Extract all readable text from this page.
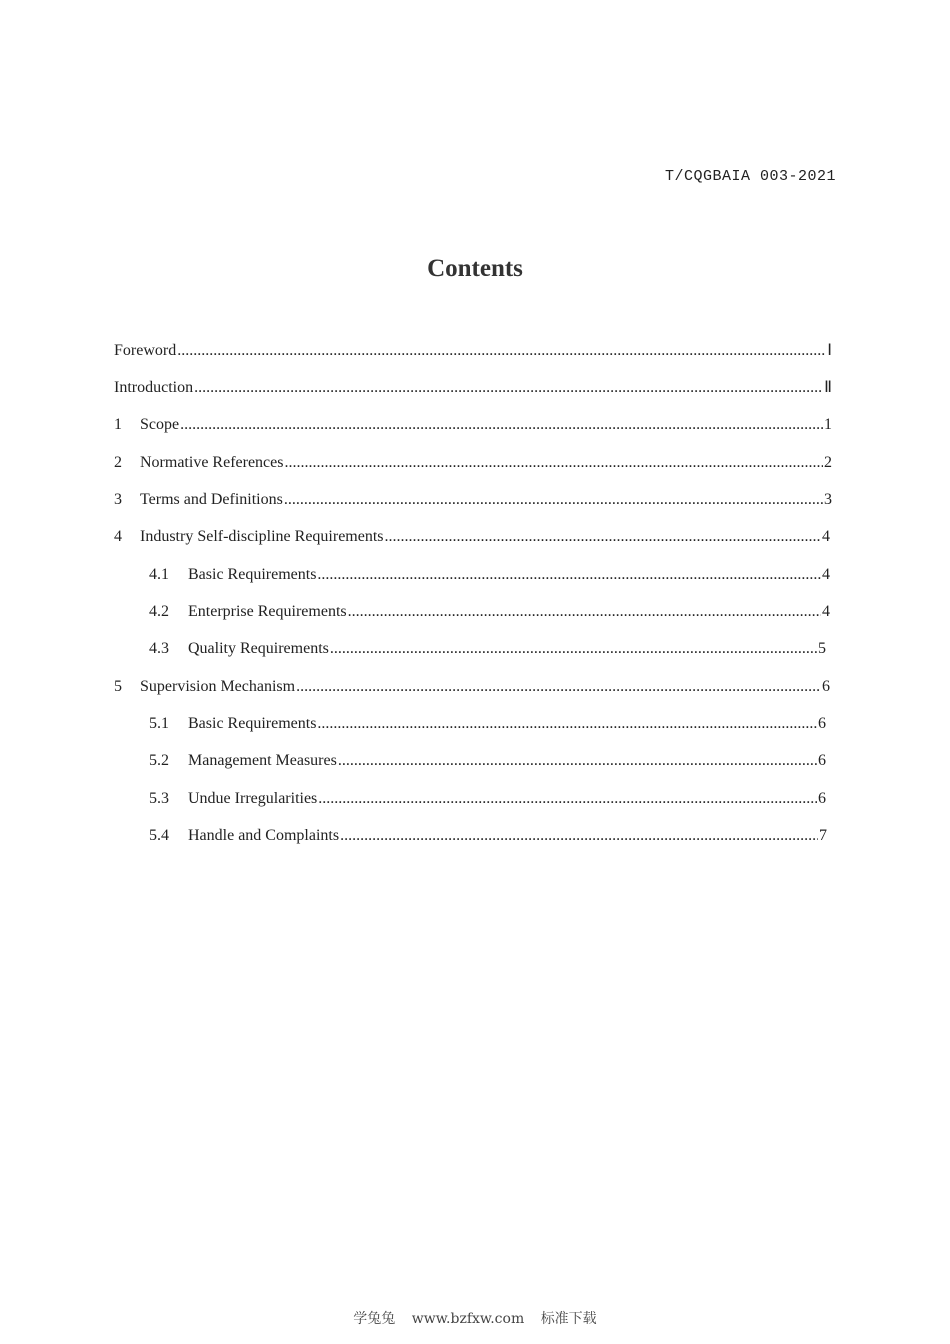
T/CQGBAIA 003-2021
Contents
Foreword .....	Ⅰ
Introduction .....	Ⅱ
1	Scope .....	1
2	Normative References .....	2
3	Terms and Definitions .....	3
4	Industry Self-discipline Requirements .....	4
4.1	Basic Requirements .....	4
4.2	Enterprise Requirements .....	4
4.3	Quality Requirements .....	5
5	Supervision Mechanism .....	6
5.1	Basic Requirements .....	6
5.2	Management Measures .....	6
5.3	Undue Irregularities .....	6
5.4	Handle and Complaints .....	7
学兔兔 www.bzfxw.com 标准下载
